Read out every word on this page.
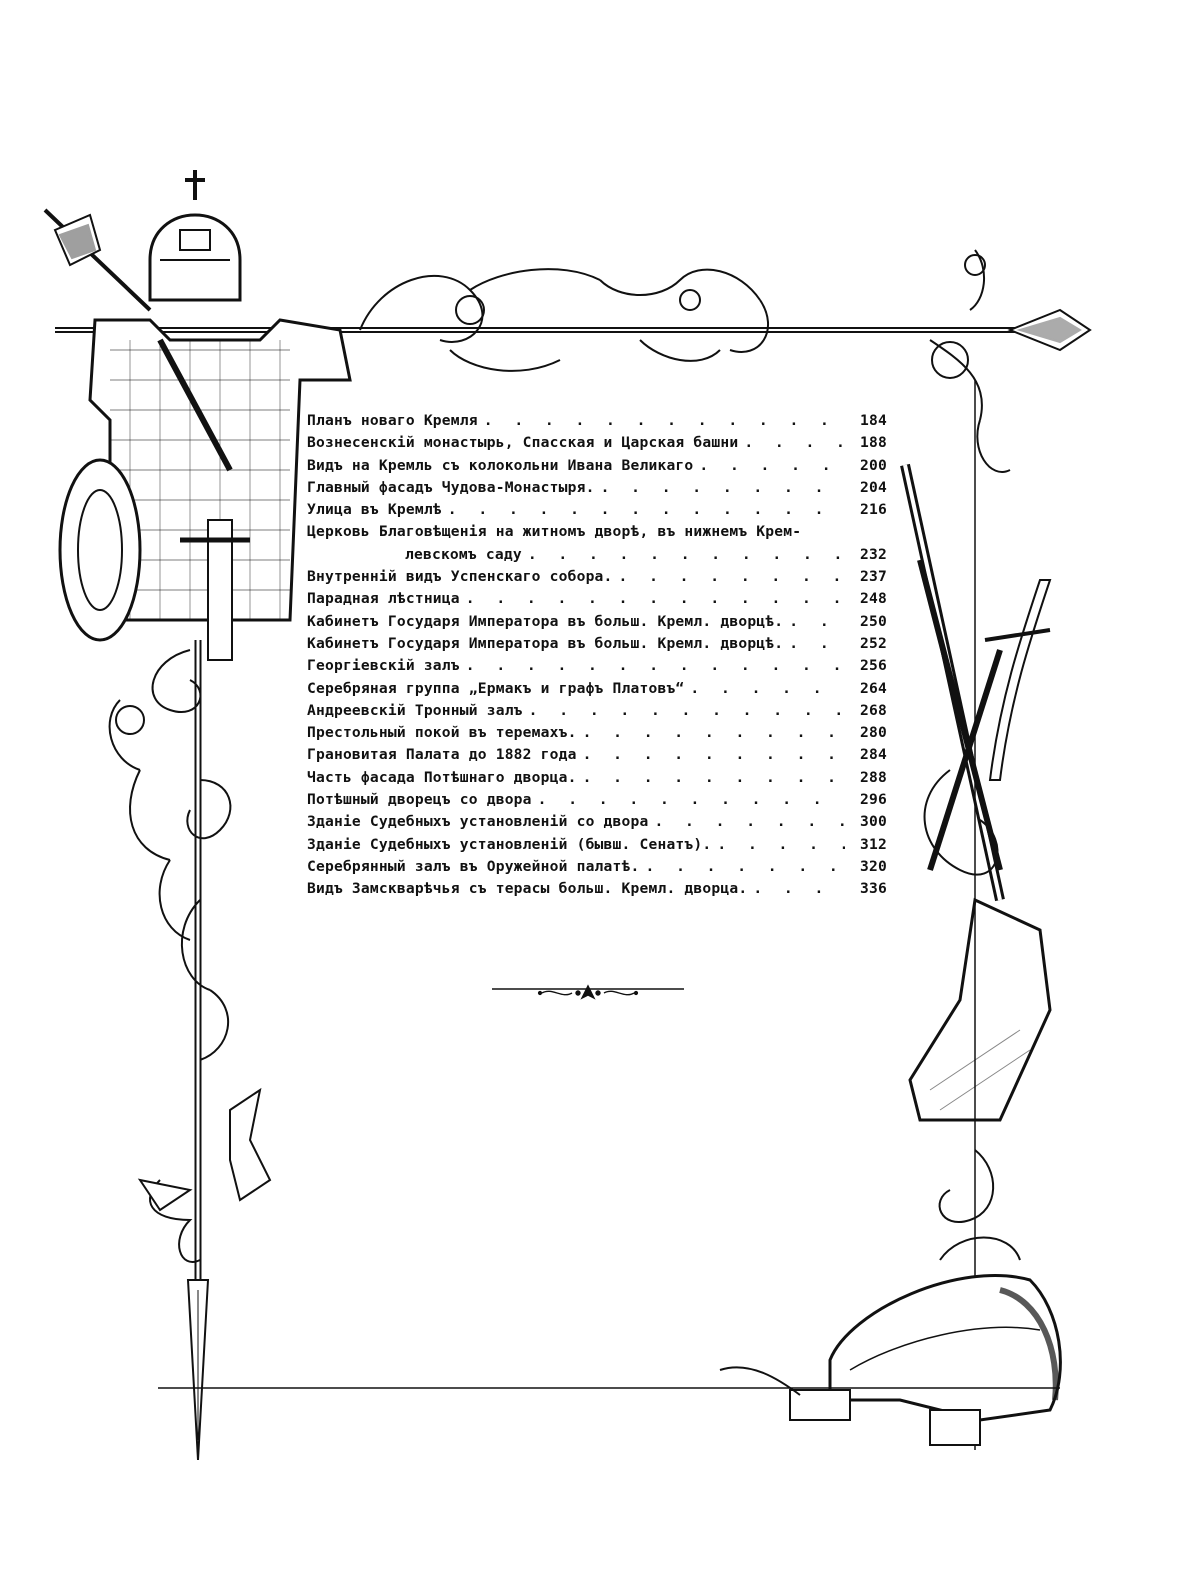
Планъ новаго Кремля . . .	184
Вознесенскій монастырь, Спасская и Царская башни . . .	188
Видъ на Кремль съ колокольни Ивана Великаго . . .	200
Главный фасадъ Чудова-Монастыря. . . .	204
Улица въ Кремлѣ . . .	216
Церковь Благовѣщенія на житномъ дворѣ, въ нижнемъ Крем-
левскомъ саду . . .	232
Внутренній видъ Успенскаго собора. . . .	237
Парадная лѣстница . . .	248
Кабинетъ Государя Императора въ больш. Кремл. дворцѣ. . . .	250
Кабинетъ Государя Императора въ больш. Кремл. дворцѣ. . . .	252
Георгіевскій залъ . . .	256
Серебряная группа „Ермакъ и графъ Платовъ“ . . .	264
Андреевскій Тронный залъ . . .	268
Престольный покой въ теремахъ. . . .	280
Грановитая Палата до 1882 года . . .	284
Часть фасада Потѣшнаго дворца. . . .	288
Потѣшный дворецъ со двора . . .	296
Зданіе Судебныхъ установленій со двора . . .	300
Зданіе Судебныхъ установленій (бывш. Сенатъ). . . .	312
Серебрянный залъ въ Оружейной палатѣ. . . .	320
Видъ Замскварѣчья съ терасы больш. Кремл. дворца. . . .	336
